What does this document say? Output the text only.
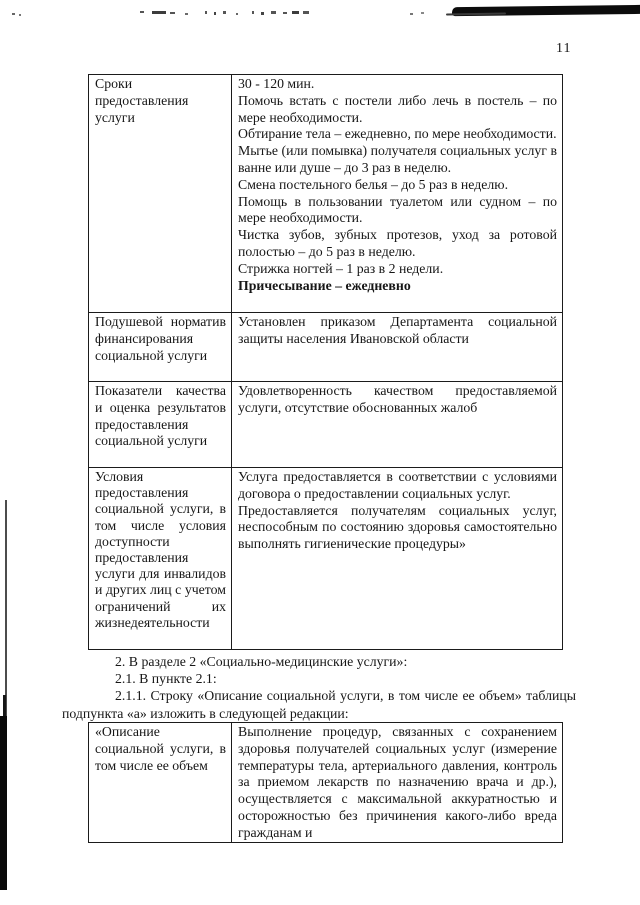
11

Сроки предоставления услуги

30 - 120 мин.

Помочь встать с постели либо лечь в постель – по мере необходимости.

Обтирание тела – ежедневно, по мере необходимости.

Мытье (или помывка) получателя социальных услуг в ванне или душе – до 3 раз в неделю.

Смена постельного белья – до 5 раз в неделю.

Помощь в пользовании туалетом или судном – по мере необходимости.

Чистка зубов, зубных протезов, уход за ротовой полостью – до 5 раз в неделю.

Стрижка ногтей – 1 раз в 2 недели.

Причесывание – ежедневно

Подушевой норматив финансирования социальной услуги

Установлен приказом Департамента социальной защиты населения Ивановской области

Показатели качества и оценка результатов предоставления социальной услуги

Удовлетворенность качеством предоставляемой услуги, отсутствие обоснованных жалоб

Условия предоставления социальной услуги, в том числе условия доступности предоставления услуги для инвалидов и других лиц с учетом ограничений их жизнедеятельности

Услуга предоставляется в соответствии с условиями договора о предоставлении социальных услуг.

Предоставляется получателям социальных услуг, неспособным по состоянию здоровья самостоятельно выполнять гигиенические процедуры»

2. В разделе 2 «Социально-медицинские услуги»:

2.1. В пункте 2.1:

2.1.1. Строку «Описание социальной услуги, в том числе ее объем» таблицы подпункта «а» изложить в следующей редакции:

«Описание социальной услуги, в том числе ее объем

Выполнение процедур, связанных с сохранением здоровья получателей социальных услуг (измерение температуры тела, артериального давления, контроль за приемом лекарств по назначению врача и др.), осуществляется с максимальной аккуратностью и осторожностью без причинения какого-либо вреда гражданам и
